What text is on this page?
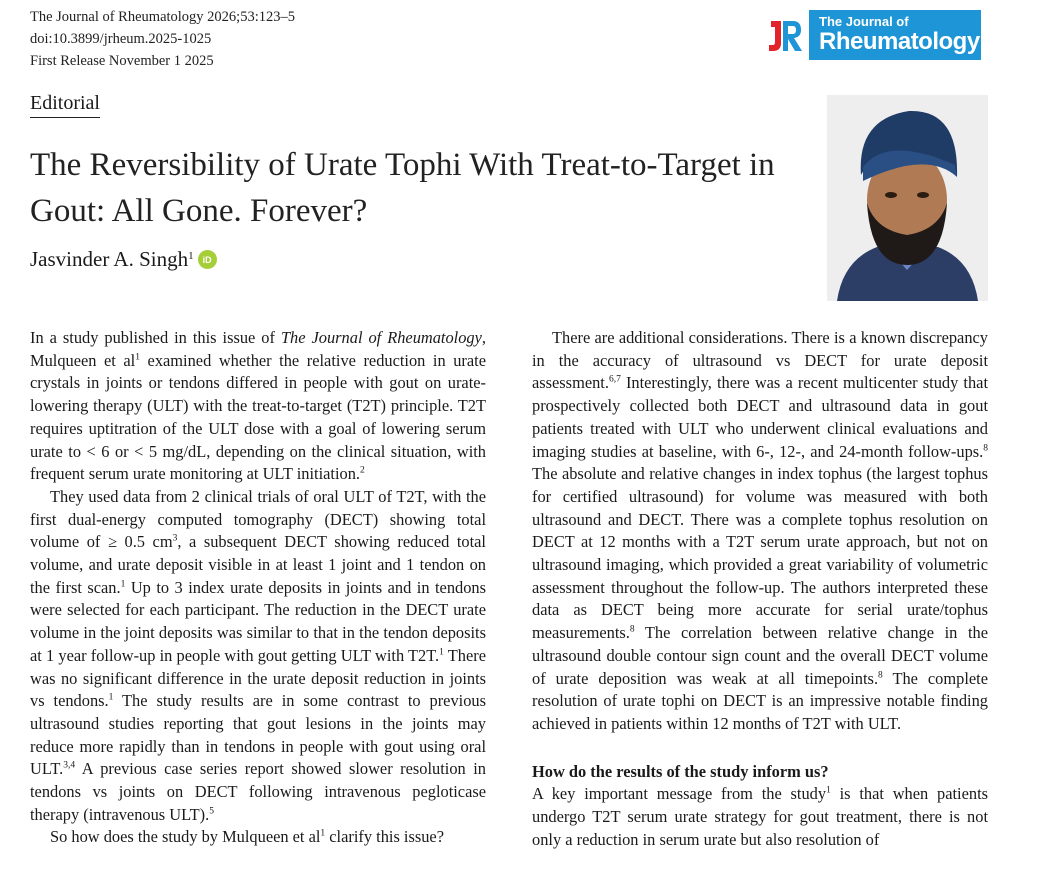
The Journal of Rheumatology 2026;53:123–5
doi:10.3899/jrheum.2025-1025
First Release November 1 2025
The Journal of
Rheumatology
Editorial
The Reversibility of Urate Tophi With Treat-to-Target in Gout: All Gone. Forever?
Jasvinder A. Singh$^1$	iD

In a study published in this issue of The Journal of Rheumatology, Mulqueen et al$^1$ examined whether the relative reduction in urate crystals in joints or tendons differed in people with gout on urate-lowering therapy (ULT) with the treat-to-target (T2T) principle. T2T requires uptitration of the ULT dose with a goal of lowering serum urate to < 6 or < 5 mg/dL, depending on the clinical situation, with frequent serum urate monitoring at ULT initiation.$^2$

They used data from 2 clinical trials of oral ULT of T2T, with the first dual-energy computed tomography (DECT) showing total volume of ≥ 0.5 cm$^3$, a subsequent DECT showing reduced total volume, and urate deposit visible in at least 1 joint and 1 tendon on the first scan.$^1$ Up to 3 index urate deposits in joints and in tendons were selected for each participant. The reduction in the DECT urate volume in the joint deposits was similar to that in the tendon deposits at 1 year follow-up in people with gout getting ULT with T2T.$^1$ There was no significant difference in the urate deposit reduction in joints vs tendons.$^1$ The study results are in some contrast to previous ultrasound studies reporting that gout lesions in the joints may reduce more rapidly than in tendons in people with gout using oral ULT.$^{3,4}$ A previous case series report showed slower resolution in tendons vs joints on DECT following intravenous pegloticase therapy (intravenous ULT).$^5$

So how does the study by Mulqueen et al$^1$ clarify this issue?

There are additional considerations. There is a known discrepancy in the accuracy of ultrasound vs DECT for urate deposit assessment.$^{6,7}$ Interestingly, there was a recent multicenter study that prospectively collected both DECT and ultrasound data in gout patients treated with ULT who underwent clinical evaluations and imaging studies at baseline, with 6-, 12-, and 24-month follow-ups.$^8$ The absolute and relative changes in index tophus (the largest tophus for certified ultrasound) for volume was measured with both ultrasound and DECT. There was a complete tophus resolution on DECT at 12 months with a T2T serum urate approach, but not on ultrasound imaging, which provided a great variability of volumetric assessment throughout the follow-up. The authors interpreted these data as DECT being more accurate for serial urate/tophus measurements.$^8$ The correlation between relative change in the ultrasound double contour sign count and the overall DECT volume of urate deposition was weak at all timepoints.$^8$ The complete resolution of urate tophi on DECT is an impressive notable finding achieved in patients within 12 months of T2T with ULT.

How do the results of the study inform us?

A key important message from the study$^1$ is that when patients undergo T2T serum urate strategy for gout treatment, there is not only a reduction in serum urate but also resolution of
